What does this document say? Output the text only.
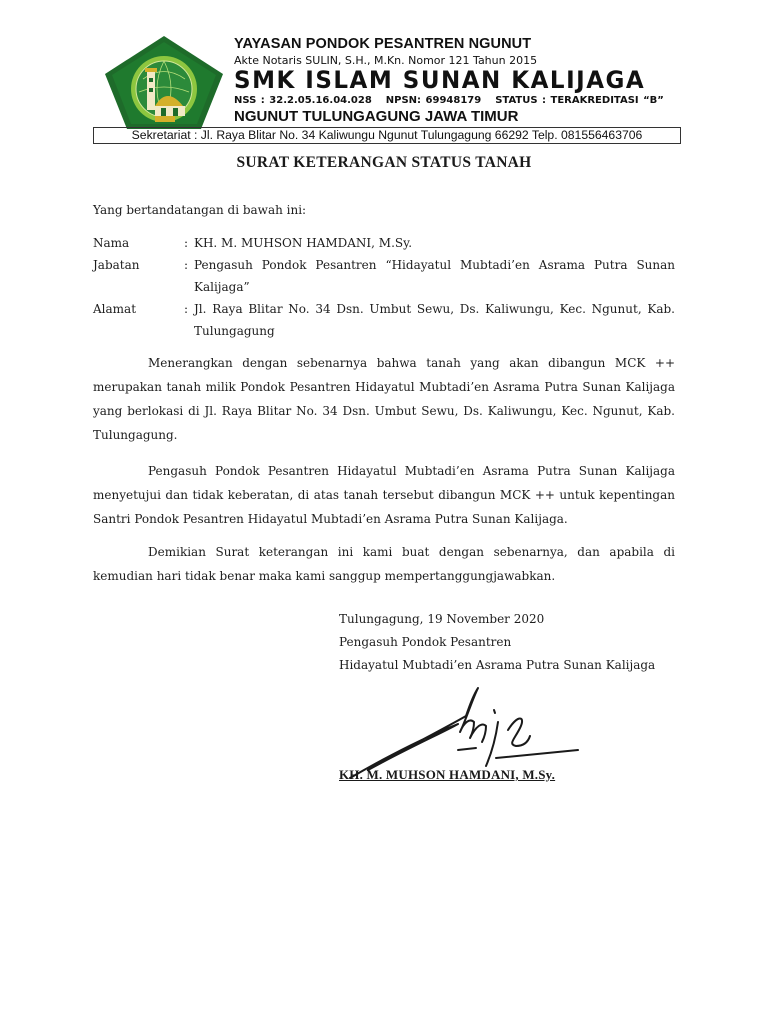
YAYASAN PONDOK PESANTREN NGUNUT
Akte Notaris SULIN, S.H., M.Kn. Nomor 121 Tahun 2015
SMK ISLAM SUNAN KALIJAGA
NSS : 32.2.05.16.04.028 NPSN: 69948179 STATUS : TERAKREDITASI “B”
NGUNUT TULUNGAGUNG JAWA TIMUR
Sekretariat : Jl. Raya Blitar No. 34 Kaliwungu Ngunut Tulungagung 66292 Telp. 081556463706
SURAT KETERANGAN STATUS TANAH
Yang bertandatangan di bawah ini:
Nama	: KH. M. MUHSON HAMDANI, M.Sy.
Jabatan	: Pengasuh Pondok Pesantren “Hidayatul Mubtadi’en Asrama Putra Sunan Kalijaga”
Alamat	: Jl. Raya Blitar No. 34 Dsn. Umbut Sewu, Ds. Kaliwungu, Kec. Ngunut, Kab. Tulungagung

Menerangkan dengan sebenarnya bahwa tanah yang akan dibangun MCK ++ merupakan tanah milik Pondok Pesantren Hidayatul Mubtadi’en Asrama Putra Sunan Kalijaga yang berlokasi di Jl. Raya Blitar No. 34 Dsn. Umbut Sewu, Ds. Kaliwungu, Kec. Ngunut, Kab. Tulungagung.

Pengasuh Pondok Pesantren Hidayatul Mubtadi’en Asrama Putra Sunan Kalijaga menyetujui dan tidak keberatan, di atas tanah tersebut dibangun MCK ++ untuk kepentingan Santri Pondok Pesantren Hidayatul Mubtadi’en Asrama Putra Sunan Kalijaga.

Demikian Surat keterangan ini kami buat dengan sebenarnya, dan apabila di kemudian hari tidak benar maka kami sanggup mempertanggungjawabkan.

Tulungagung, 19 November 2020
Pengasuh Pondok Pesantren
Hidayatul Mubtadi’en Asrama Putra Sunan Kalijaga
KH. M. MUHSON HAMDANI, M.Sy.
